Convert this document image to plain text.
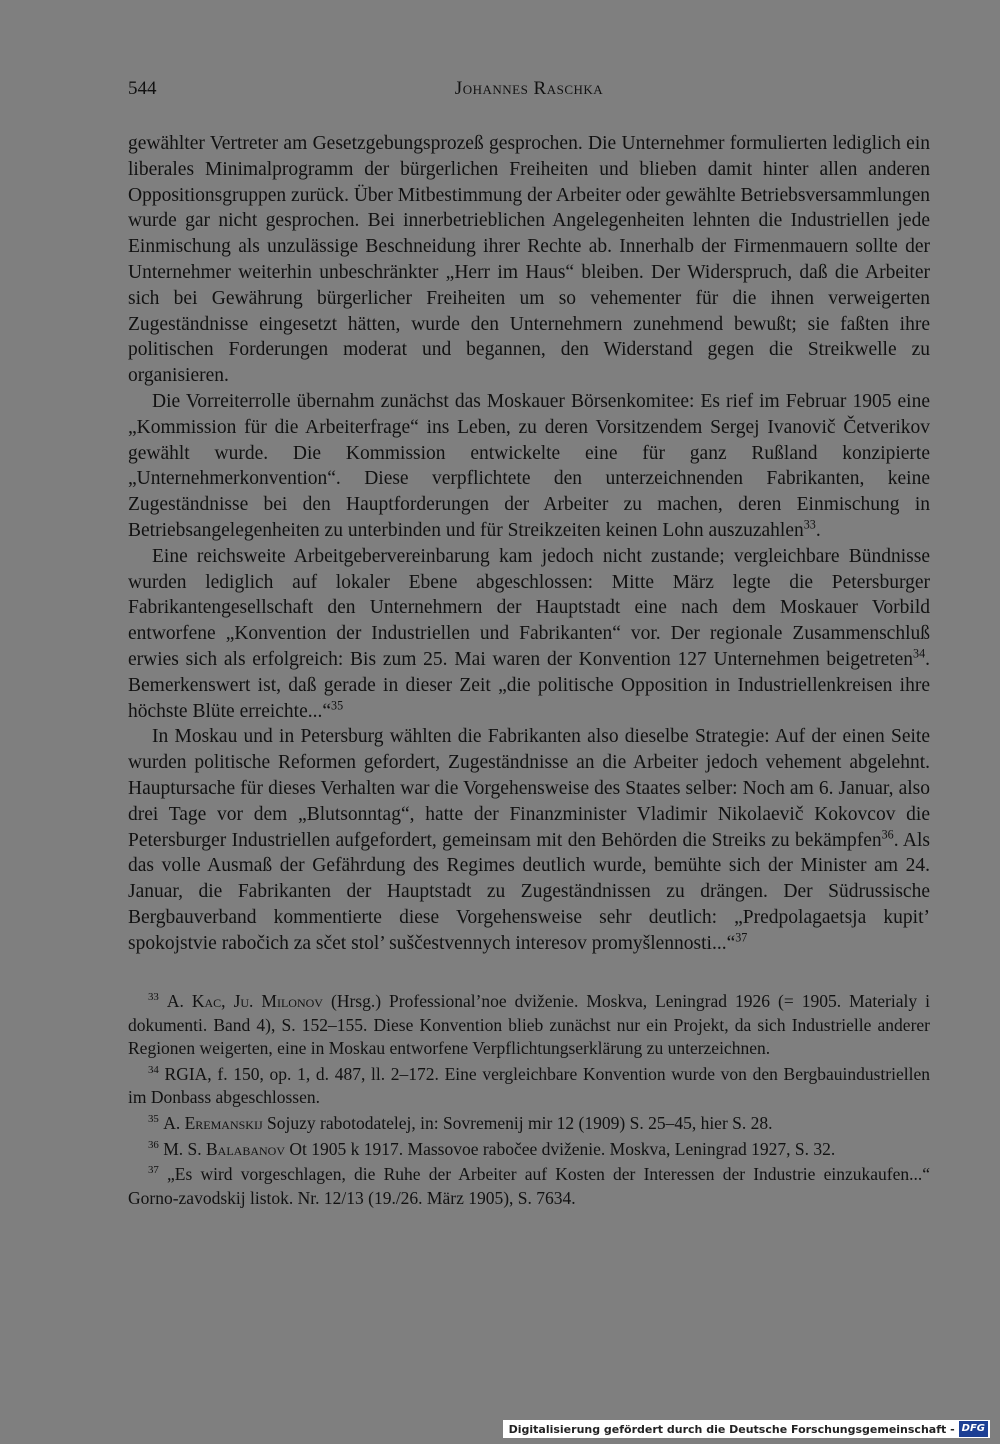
544	Johannes Raschka

gewählter Vertreter am Gesetzgebungsprozeß gesprochen. Die Unternehmer formulierten lediglich ein liberales Minimalprogramm der bürgerlichen Freiheiten und blieben damit hinter allen anderen Oppositionsgruppen zurück. Über Mitbestimmung der Arbeiter oder gewählte Betriebsversammlungen wurde gar nicht gesprochen. Bei innerbetrieblichen Angelegenheiten lehnten die Industriellen jede Einmischung als unzulässige Beschneidung ihrer Rechte ab. Innerhalb der Firmenmauern sollte der Unternehmer weiterhin unbeschränkter „Herr im Haus“ bleiben. Der Widerspruch, daß die Arbeiter sich bei Gewährung bürgerlicher Freiheiten um so vehementer für die ihnen verweigerten Zugeständnisse eingesetzt hätten, wurde den Unternehmern zunehmend bewußt; sie faßten ihre politischen Forderungen moderat und begannen, den Widerstand gegen die Streikwelle zu organisieren.

Die Vorreiterrolle übernahm zunächst das Moskauer Börsenkomitee: Es rief im Februar 1905 eine „Kommission für die Arbeiterfrage“ ins Leben, zu deren Vorsitzendem Sergej Ivanovič Četverikov gewählt wurde. Die Kommission entwickelte eine für ganz Rußland konzipierte „Unternehmerkonvention“. Diese verpflichtete den unterzeichnenden Fabrikanten, keine Zugeständnisse bei den Hauptforderungen der Arbeiter zu machen, deren Einmischung in Betriebsangelegenheiten zu unterbinden und für Streikzeiten keinen Lohn auszuzahlen$^{33}$.

Eine reichsweite Arbeitgebervereinbarung kam jedoch nicht zustande; vergleichbare Bündnisse wurden lediglich auf lokaler Ebene abgeschlossen: Mitte März legte die Petersburger Fabrikantengesellschaft den Unternehmern der Hauptstadt eine nach dem Moskauer Vorbild entworfene „Konvention der Industriellen und Fabrikanten“ vor. Der regionale Zusammenschluß erwies sich als erfolgreich: Bis zum 25. Mai waren der Konvention 127 Unternehmen beigetreten$^{34}$. Bemerkenswert ist, daß gerade in dieser Zeit „die politische Opposition in Industriellenkreisen ihre höchste Blüte erreichte...“$^{35}$

In Moskau und in Petersburg wählten die Fabrikanten also dieselbe Strategie: Auf der einen Seite wurden politische Reformen gefordert, Zugeständnisse an die Arbeiter jedoch vehement abgelehnt. Hauptursache für dieses Verhalten war die Vorgehensweise des Staates selber: Noch am 6. Januar, also drei Tage vor dem „Blutsonntag“, hatte der Finanzminister Vladimir Nikolaevič Kokovcov die Petersburger Industriellen aufgefordert, gemeinsam mit den Behörden die Streiks zu bekämpfen$^{36}$. Als das volle Ausmaß der Gefährdung des Regimes deutlich wurde, bemühte sich der Minister am 24. Januar, die Fabrikanten der Hauptstadt zu Zugeständnissen zu drängen. Der Südrussische Bergbauverband kommentierte diese Vorgehensweise sehr deutlich: „Predpolagaetsja kupit’ spokojstvie rabočich za sčet stol’ suščestvennych interesov promyšlennosti...“$^{37}$

$^{33}$ A. Kac, Ju. Milonov (Hrsg.) Professional’noe dviženie. Moskva, Leningrad 1926 (= 1905. Materialy i dokumenti. Band 4), S. 152–155. Diese Konvention blieb zunächst nur ein Projekt, da sich Industrielle anderer Regionen weigerten, eine in Moskau entworfene Verpflichtungserklärung zu unterzeichnen.

$^{34}$ RGIA, f. 150, op. 1, d. 487, ll. 2–172. Eine vergleichbare Konvention wurde von den Bergbauindustriellen im Donbass abgeschlossen.

$^{35}$ A. Eremanskij Sojuzy rabotodatelej, in: Sovremenij mir 12 (1909) S. 25–45, hier S. 28.

$^{36}$ M. S. Balabanov Ot 1905 k 1917. Massovoe rabočee dviženie. Moskva, Leningrad 1927, S. 32.

$^{37}$ „Es wird vorgeschlagen, die Ruhe der Arbeiter auf Kosten der Interessen der Industrie einzukaufen...“ Gorno-zavodskij listok. Nr. 12/13 (19./26. März 1905), S. 7634.

Digitalisierung gefördert durch die Deutsche Forschungsgemeinschaft - DFG
